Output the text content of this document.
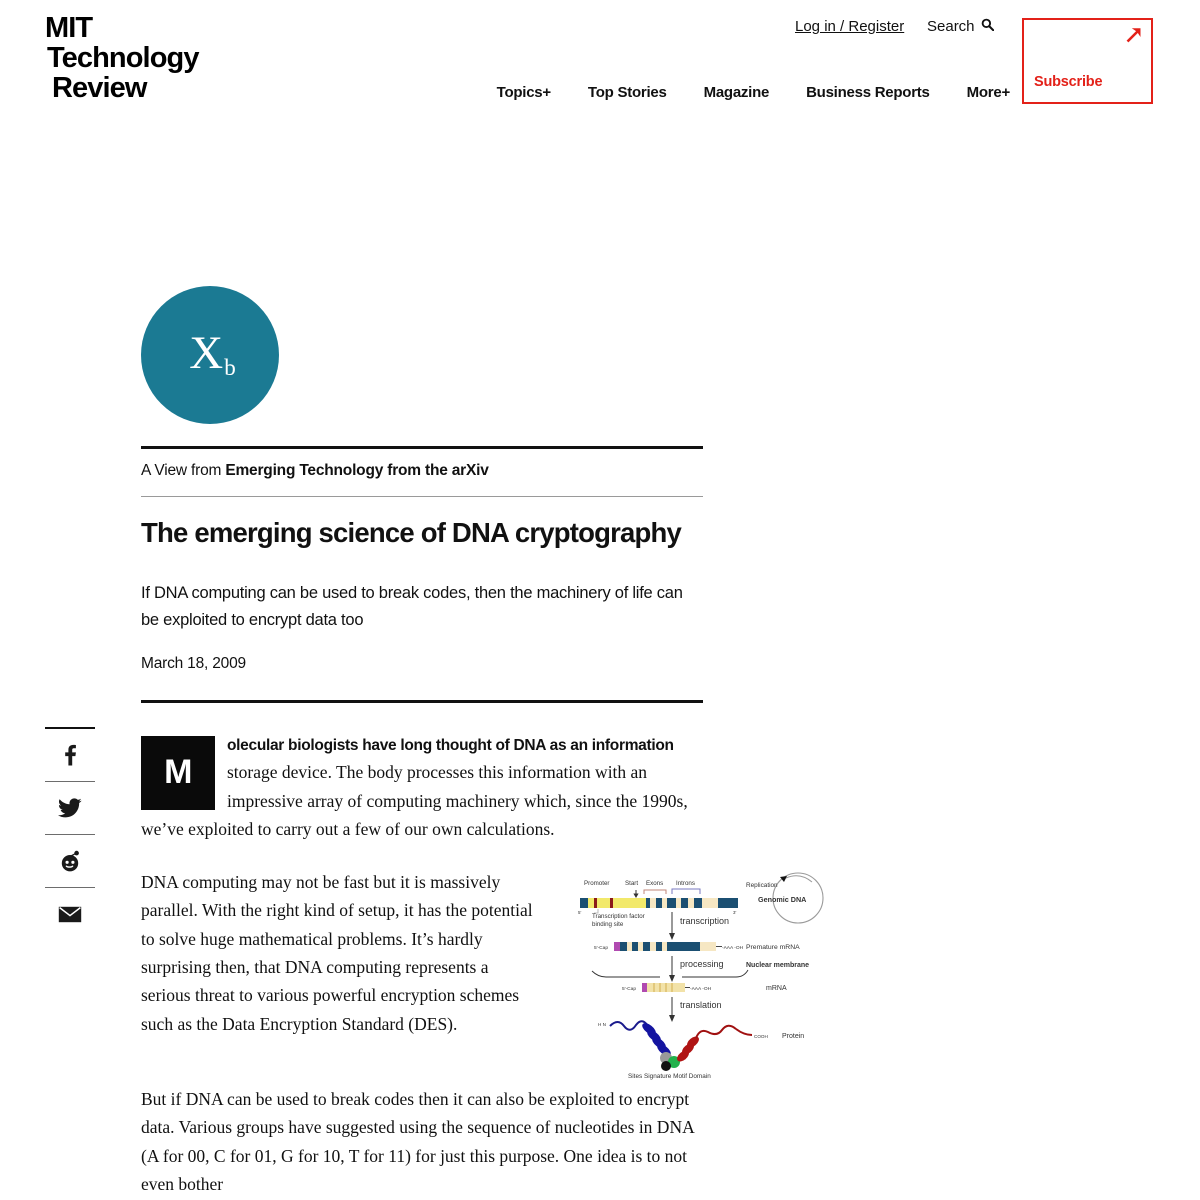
MIT
Technology
Review
Log in / Register Search
Topics+ Top Stories Magazine Business Reports More+
Subscribe
$X_b$
A View from Emerging Technology from the arXiv
The emerging science of DNA cryptography
If DNA computing can be used to break codes, then the machinery of life can be exploited to encrypt data too
March 18, 2009

M
olecular biologists have long thought of DNA as an information storage device. The body processes this information with an impressive array of computing machinery which, since the 1990s, we’ve exploited to carry out a few of our own calculations.

DNA computing may not be fast but it is massively parallel. With the right kind of setup, it has the potential to solve huge mathematical problems. It’s hardly surprising then, that DNA computing represents a serious threat to various powerful encryption schemes such as the Data Encryption Standard (DES).

But if DNA can be used to break codes then it can also be exploited to encrypt data. Various groups have suggested using the sequence of nucleotides in DNA (A for 00, C for 01, G for 10, T for 11) for just this purpose. One idea is to not even bother

Promoter	Start Exons Introns
Transcription factor
binding site
5'	3'
Replication
Genomic DNA
transcription
5'-Cap	-AAA -OH Premature mRNA
processing	Nuclear membrane
5'-Cap	-AAA -OH	mRNA
translation
H N
COOH Protein
Sites Signature Motif Domain
